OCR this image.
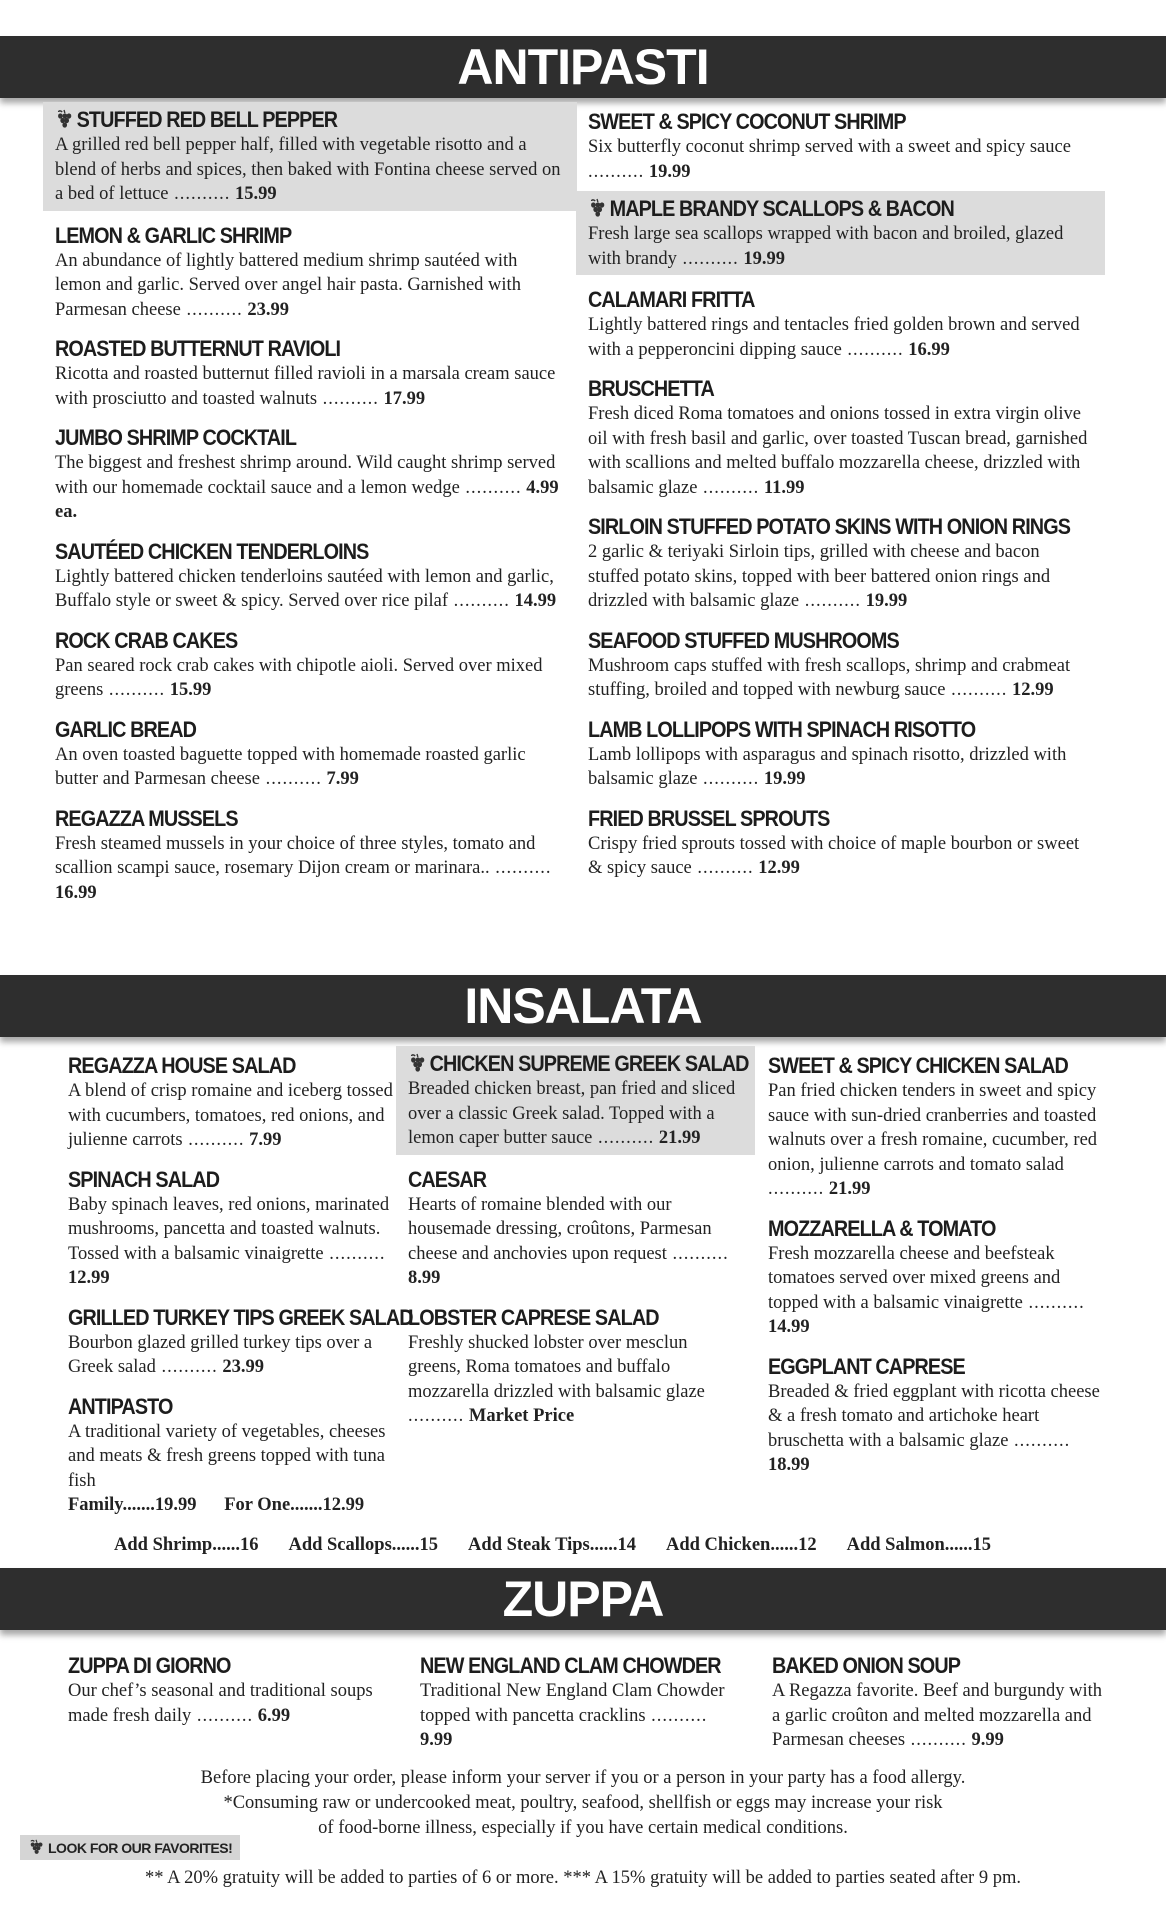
ANTIPASTI
STUFFED RED BELL PEPPER
A grilled red bell pepper half, filled with vegetable risotto and a blend of herbs and spices, then baked with Fontina cheese served on a bed of lettuce .......... 15.99
LEMON & GARLIC SHRIMP
An abundance of lightly battered medium shrimp sautéed with lemon and garlic. Served over angel hair pasta. Garnished with Parmesan cheese .......... 23.99
ROASTED BUTTERNUT RAVIOLI
Ricotta and roasted butternut filled ravioli in a marsala cream sauce with prosciutto and toasted walnuts .......... 17.99
JUMBO SHRIMP COCKTAIL
The biggest and freshest shrimp around. Wild caught shrimp served with our homemade cocktail sauce and a lemon wedge .......... 4.99 ea.
SAUTÉED CHICKEN TENDERLOINS
Lightly battered chicken tenderloins sautéed with lemon and garlic, Buffalo style or sweet & spicy. Served over rice pilaf .......... 14.99
ROCK CRAB CAKES
Pan seared rock crab cakes with chipotle aioli. Served over mixed greens .......... 15.99
GARLIC BREAD
An oven toasted baguette topped with homemade roasted garlic butter and Parmesan cheese .......... 7.99
REGAZZA MUSSELS
Fresh steamed mussels in your choice of three styles, tomato and scallion scampi sauce, rosemary Dijon cream or marinara.. .......... 16.99
SWEET & SPICY COCONUT SHRIMP
Six butterfly coconut shrimp served with a sweet and spicy sauce .......... 19.99
MAPLE BRANDY SCALLOPS & BACON
Fresh large sea scallops wrapped with bacon and broiled, glazed with brandy .......... 19.99
CALAMARI FRITTA
Lightly battered rings and tentacles fried golden brown and served with a pepperoncini dipping sauce .......... 16.99
BRUSCHETTA
Fresh diced Roma tomatoes and onions tossed in extra virgin olive oil with fresh basil and garlic, over toasted Tuscan bread, garnished with scallions and melted buffalo mozzarella cheese, drizzled with balsamic glaze .......... 11.99
SIRLOIN STUFFED POTATO SKINS WITH ONION RINGS
2 garlic & teriyaki Sirloin tips, grilled with cheese and bacon stuffed potato skins, topped with beer battered onion rings and drizzled with balsamic glaze .......... 19.99
SEAFOOD STUFFED MUSHROOMS
Mushroom caps stuffed with fresh scallops, shrimp and crabmeat stuffing, broiled and topped with newburg sauce .......... 12.99
LAMB LOLLIPOPS WITH SPINACH RISOTTO
Lamb lollipops with asparagus and spinach risotto, drizzled with balsamic glaze .......... 19.99
FRIED BRUSSEL SPROUTS
Crispy fried sprouts tossed with choice of maple bourbon or sweet & spicy sauce .......... 12.99
INSALATA
REGAZZA HOUSE SALAD
A blend of crisp romaine and iceberg tossed with cucumbers, tomatoes, red onions, and julienne carrots .......... 7.99
SPINACH SALAD
Baby spinach leaves, red onions, marinated mushrooms, pancetta and toasted walnuts. Tossed with a balsamic vinaigrette .......... 12.99
GRILLED TURKEY TIPS GREEK SALAD
Bourbon glazed grilled turkey tips over a Greek salad .......... 23.99
ANTIPASTO
A traditional variety of vegetables, cheeses and meats & fresh greens topped with tuna fish
Family.......19.99      For One.......12.99
CHICKEN SUPREME GREEK SALAD
Breaded chicken breast, pan fried and sliced over a classic Greek salad. Topped with a lemon caper butter sauce .......... 21.99
CAESAR
Hearts of romaine blended with our housemade dressing, croûtons, Parmesan cheese and anchovies upon request .......... 8.99
LOBSTER CAPRESE SALAD
Freshly shucked lobster over mesclun greens, Roma tomatoes and buffalo mozzarella drizzled with balsamic glaze .......... Market Price
SWEET & SPICY CHICKEN SALAD
Pan fried chicken tenders in sweet and spicy sauce with sun-dried cranberries and toasted walnuts over a fresh romaine, cucumber, red onion, julienne carrots and tomato salad .......... 21.99
MOZZARELLA & TOMATO
Fresh mozzarella cheese and beefsteak tomatoes served over mixed greens and topped with a balsamic vinaigrette .......... 14.99
EGGPLANT CAPRESE
Breaded & fried eggplant with ricotta cheese & a fresh tomato and artichoke heart bruschetta with a balsamic glaze .......... 18.99
Add Shrimp......16 Add Scallops......15 Add Steak Tips......14 Add Chicken......12 Add Salmon......15
ZUPPA
ZUPPA DI GIORNO
Our chef’s seasonal and traditional soups made fresh daily .......... 6.99
NEW ENGLAND CLAM CHOWDER
Traditional New England Clam Chowder topped with pancetta cracklins .......... 9.99
BAKED ONION SOUP
A Regazza favorite. Beef and burgundy with a garlic croûton and melted mozzarella and Parmesan cheeses .......... 9.99
Before placing your order, please inform your server if you or a person in your party has a food allergy.
*Consuming raw or undercooked meat, poultry, seafood, shellfish or eggs may increase your risk
of food-borne illness, especially if you have certain medical conditions.
LOOK FOR OUR FAVORITES!
** A 20% gratuity will be added to parties of 6 or more. *** A 15% gratuity will be added to parties seated after 9 pm.
